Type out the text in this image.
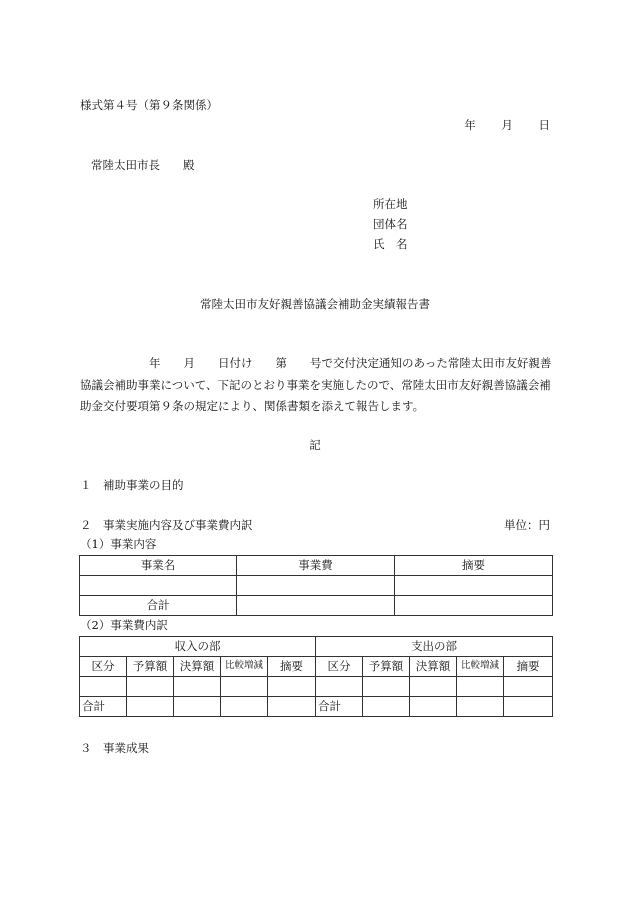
様式第４号（第９条関係）
年 月 日
常陸太田市長　　殿
所在地
団体名
氏　名
常陸太田市友好親善協議会補助金実績報告書
　　　　　　年　　月　　日付け　　第　　号で交付決定通知のあった常陸太田市友好親善協議会補助事業について、下記のとおり事業を実施したので、常陸太田市友好親善協議会補助金交付要項第９条の規定により、関係書類を添えて報告します。
記
１　補助事業の目的
２　事業実施内容及び事業費内訳	単位：円
（1）事業内容
事業名	事業費	摘要

合計		
（2）事業費内訳
収入の部					支出の部				
区分	予算額	決算額	比較増減	摘要	区分	予算額	決算額	比較増減	摘要

合計					合計				
３　事業成果
